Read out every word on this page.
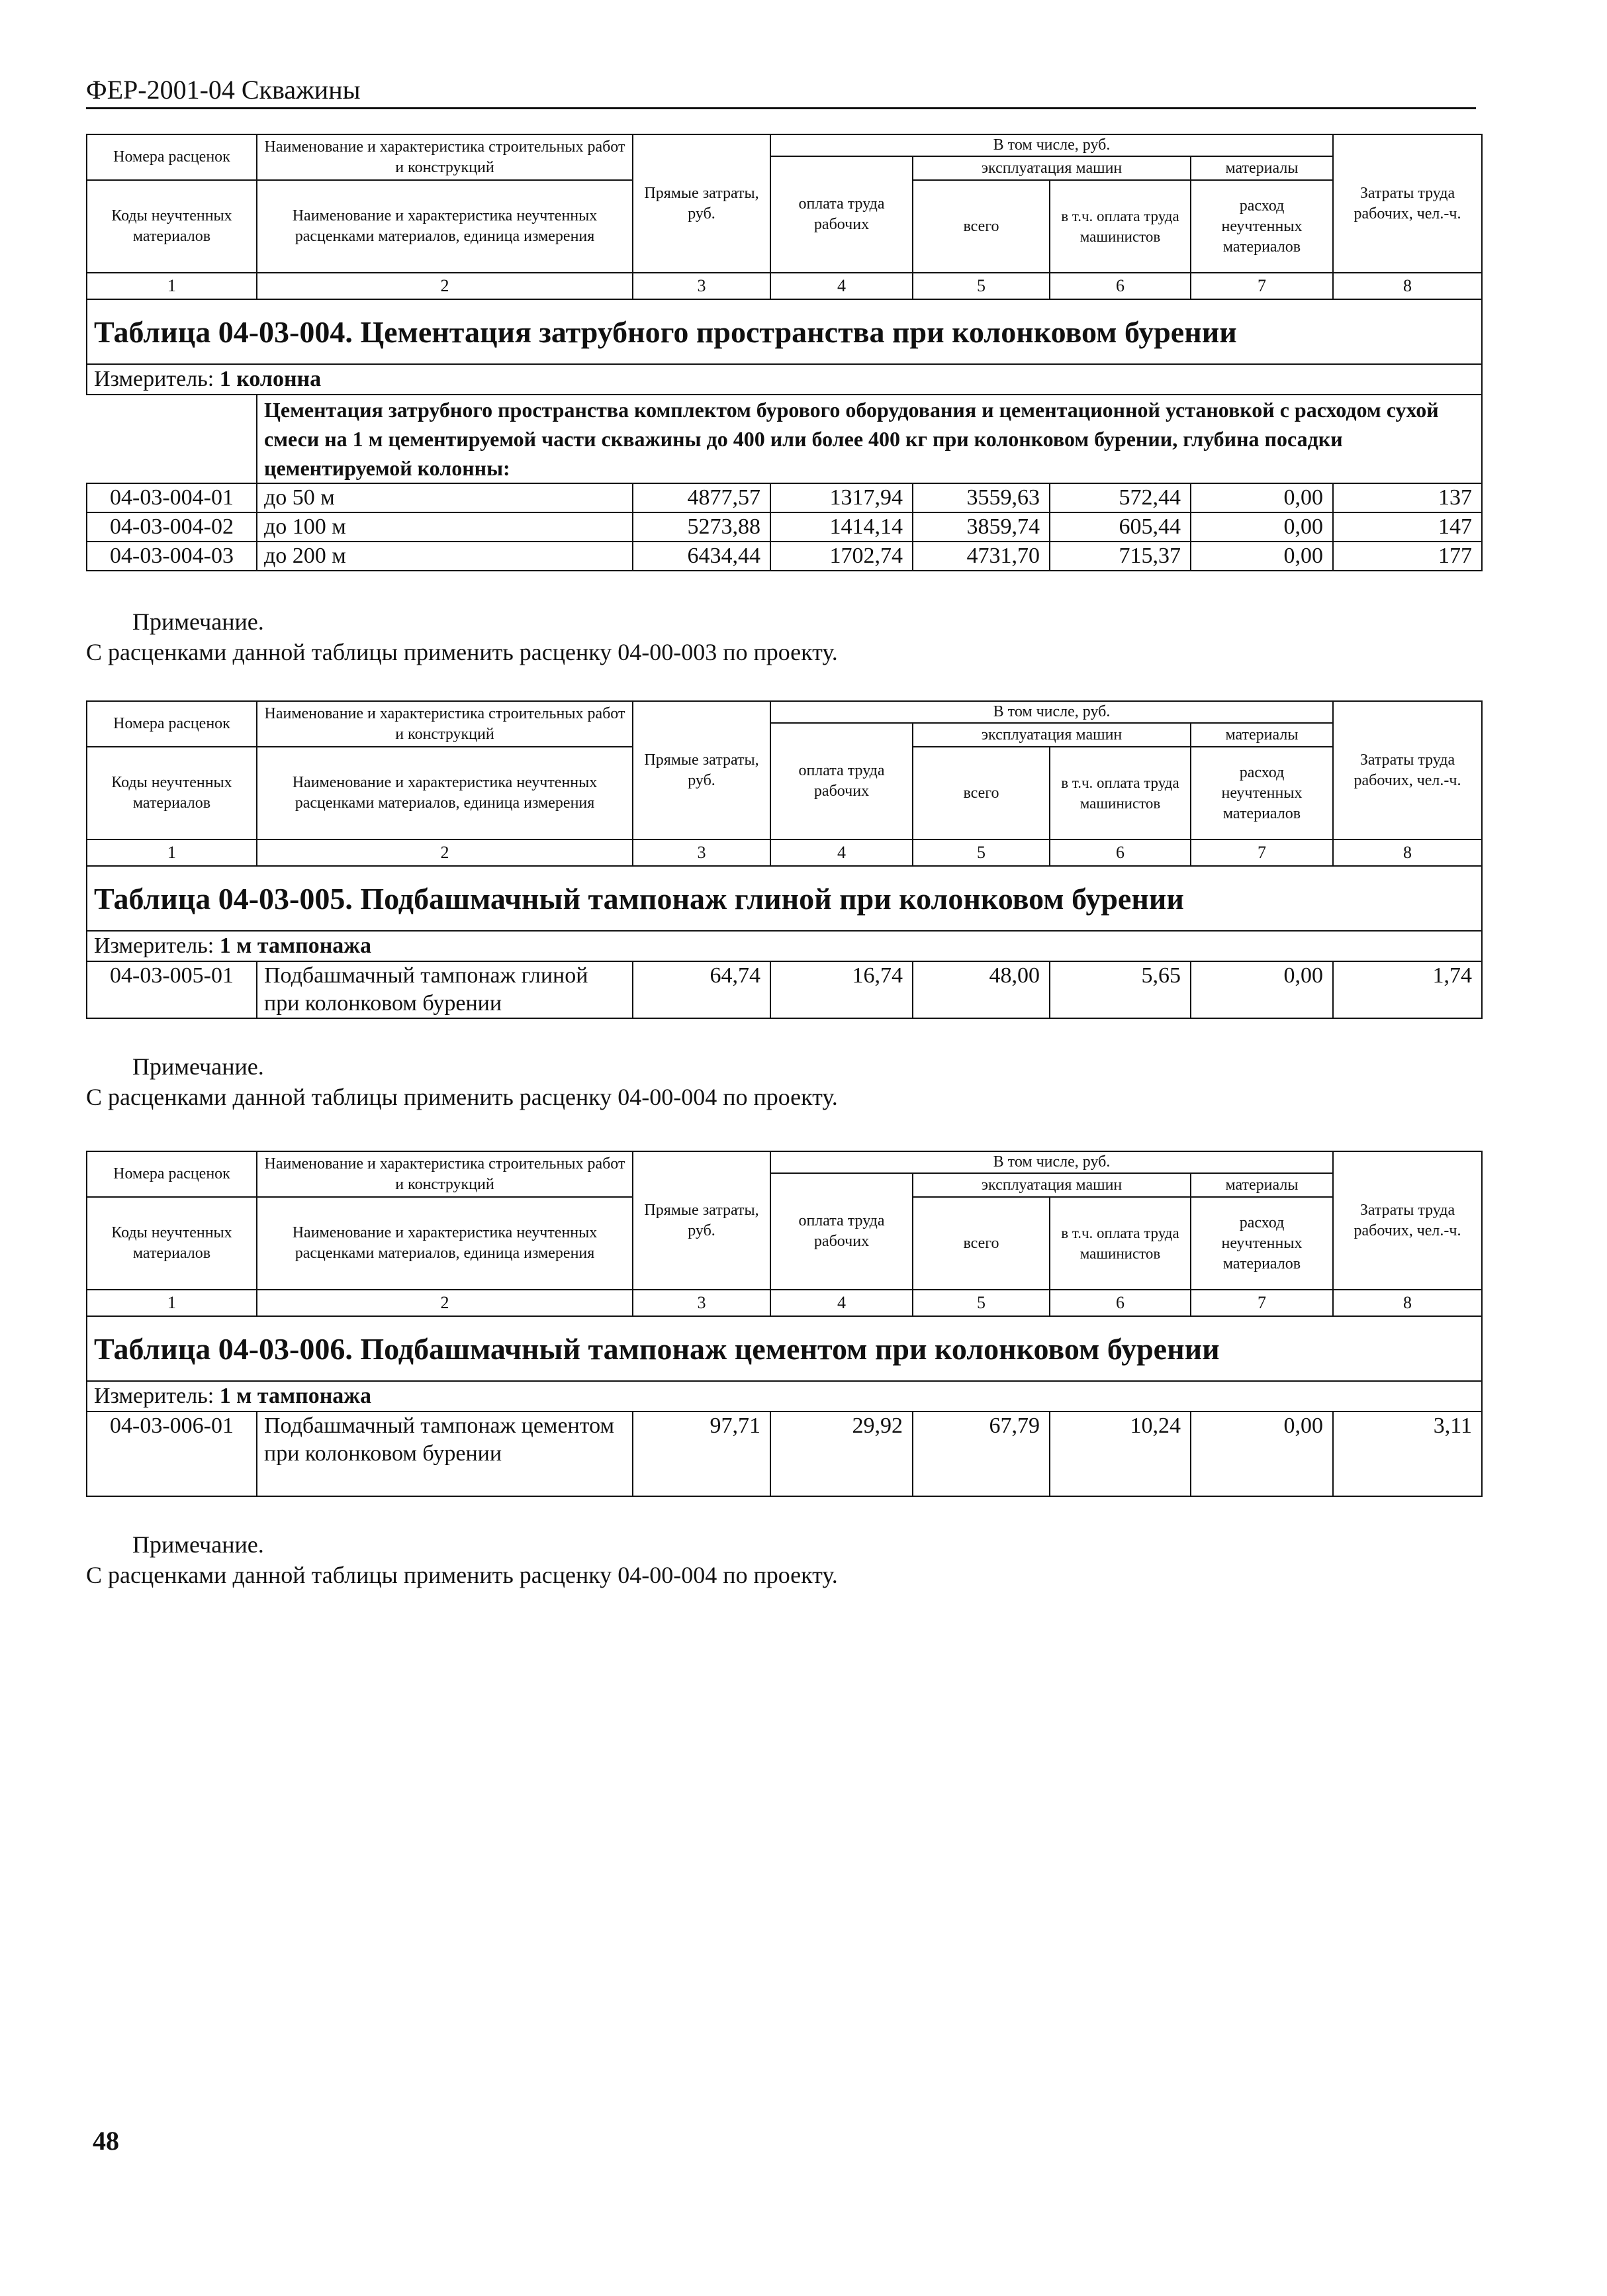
ФЕР-2001-04 Скважины
Номера расценок	Наименование и характеристика строительных работ и конструкций	Прямые затраты, руб.	В том числе, руб.				Затраты труда рабочих, чел.-ч.
			оплата труда рабочих	эксплуатация машин		материалы	
Коды неучтенных материалов	Наименование и характеристика неучтенных расценками материалов, единица измерения			всего	в т.ч. оплата труда машинистов	расход неучтенных материалов	

1	2	3	4	5	6	7	8
Таблица 04-03-004. Цементация затрубного пространства при колонковом бурении							
Измеритель: 1 колонна							
	Цементация затрубного пространства комплектом бурового оборудования и цементационной установкой с расходом сухой смеси на 1 м цементируемой части скважины до 400 или более 400 кг при колонковом бурении, глубина посадки цементируемой колонны:						
04-03-004-01	до 50 м	4877,57	1317,94	3559,63	572,44	0,00	137
04-03-004-02	до 100 м	5273,88	1414,14	3859,74	605,44	0,00	147
04-03-004-03	до 200 м	6434,44	1702,74	4731,70	715,37	0,00	177
Примечание.
С расценками данной таблицы применить расценку 04-00-003 по проекту.
Номера расценок	Наименование и характеристика строительных работ и конструкций	Прямые затраты, руб.	В том числе, руб.				Затраты труда рабочих, чел.-ч.
			оплата труда рабочих	эксплуатация машин		материалы	
Коды неучтенных материалов	Наименование и характеристика неучтенных расценками материалов, единица измерения			всего	в т.ч. оплата труда машинистов	расход неучтенных материалов	

1	2	3	4	5	6	7	8
Таблица 04-03-005. Подбашмачный тампонаж глиной при колонковом бурении							
Измеритель: 1 м тампонажа							
04-03-005-01	Подбашмачный тампонаж глиной при колонковом бурении	64,74	16,74	48,00	5,65	0,00	1,74
Примечание.
С расценками данной таблицы применить расценку 04-00-004 по проекту.
Номера расценок	Наименование и характеристика строительных работ и конструкций	Прямые затраты, руб.	В том числе, руб.				Затраты труда рабочих, чел.-ч.
			оплата труда рабочих	эксплуатация машин		материалы	
Коды неучтенных материалов	Наименование и характеристика неучтенных расценками материалов, единица измерения			всего	в т.ч. оплата труда машинистов	расход неучтенных материалов	

1	2	3	4	5	6	7	8
Таблица 04-03-006. Подбашмачный тампонаж цементом при колонковом бурении							
Измеритель: 1 м тампонажа							
04-03-006-01	Подбашмачный тампонаж цементом при колонковом бурении	97,71	29,92	67,79	10,24	0,00	3,11
Примечание.
С расценками данной таблицы применить расценку 04-00-004 по проекту.
48
